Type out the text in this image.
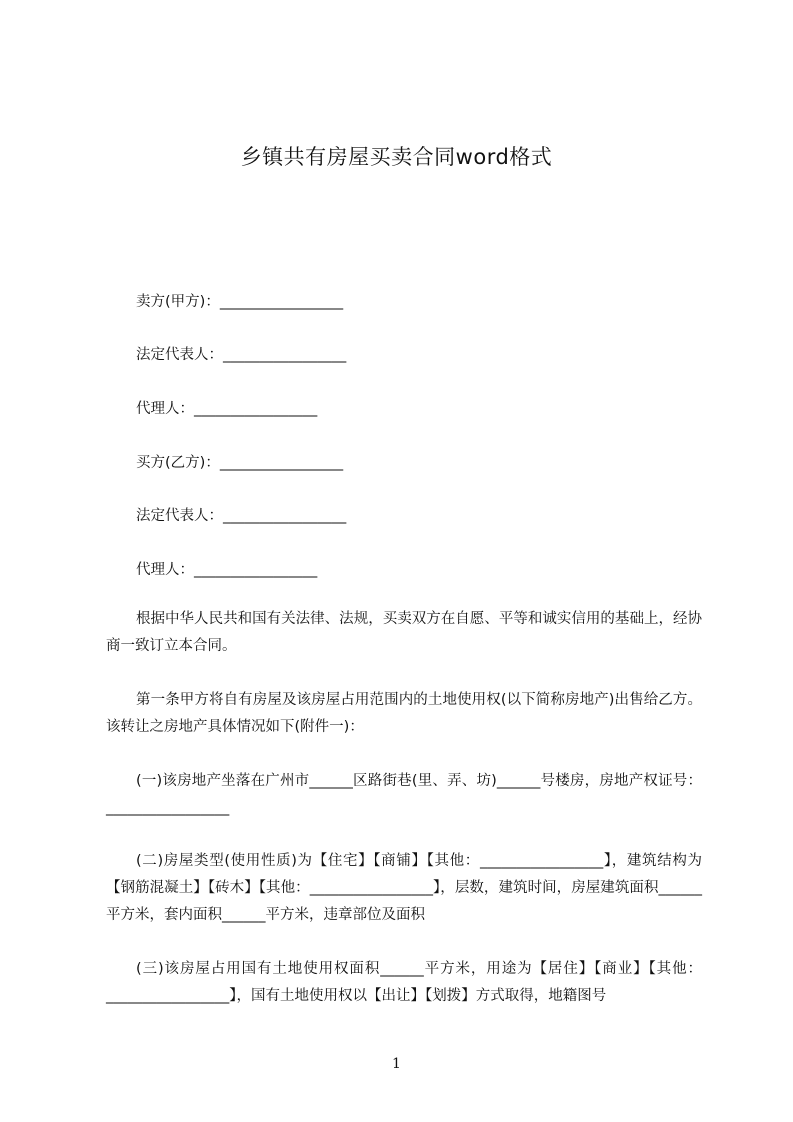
乡镇共有房屋买卖合同word格式
卖方(甲方)：_________________
法定代表人：_________________
代理人：_________________
买方(乙方)：_________________
法定代表人：_________________
代理人：_________________
根据中华人民共和国有关法律、法规，买卖双方在自愿、平等和诚实信用的基础上，经协商一致订立本合同。
第一条甲方将自有房屋及该房屋占用范围内的土地使用权(以下简称房地产)出售给乙方。该转让之房地产具体情况如下(附件一)：
(一)该房地产坐落在广州市______区路街巷(里、弄、坊)______号楼房，房地产权证号：_________________
(二)房屋类型(使用性质)为【住宅】【商铺】【其他：_________________】，建筑结构为【钢筋混凝土】【砖木】【其他：_________________】，层数，建筑时间，房屋建筑面积______平方米，套内面积______平方米，违章部位及面积
(三)该房屋占用国有土地使用权面积______平方米，用途为【居住】【商业】【其他：_________________】，国有土地使用权以【出让】【划拨】方式取得，地籍图号
1
